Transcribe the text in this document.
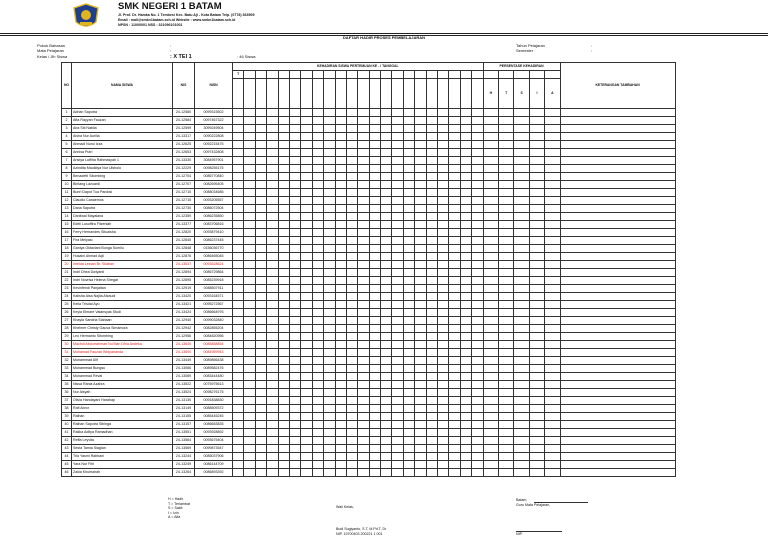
SMK NEGERI 1 BATAM
Jl. Prof. Dr. Hamka No. 1 Tembesi Kec. Batu Aji - Kota Batam Telp. (0778) 363909
Email : mail@smkn1batam.sch.id Website : www.smkn1batam.sch.id
NPSN : 11000001 NSS : 321096101001
DAFTAR HADIR PROSES PEMBELAJARAN
Pokok Bahasan
Mata Pelajaran
Kelas / Jlh Siswa
:
:
: X TEI 1	: 46 Siswa
Tahun Pelajaran
Semester
:
:
NO	NAMA SISWA	NIS	NISN	KEHADIRAN SISWA PERTEMUAN KE - / TANGGAL																						PERSENTASE KEHADIRAN					KETERANGAN TAMBAHAN
				T																											
																										H	T	S	I	A	
1	Adrian Saputra	24-12580	0099315502																												
2	Afta Rayyan Fauzan	24-12584	0097467322																												
3	Aira Siti Nabila	24-12599	3099249504																												
4	Aisha Nur Aurilia	24-13317	0090222808																												
5	Ahmadi Nurul Izza	24-12625	0092215475																												
6	Annisa Putri	24-12653	0097432808																												
7	Aristya Lutfiha Rahmasyah 1	24-13330	3084957901																												
8	Azindita Maulidya Nur Ulsholo	24-12229	0098255175																												
9	Benadetti Sitombing	24-12704	0086770840																												
10	Bintang Lazuardi	24-12707	0082695405																												
11	Bunri Dapot Tua Pardosi	24-12710	0088034685																												
12	Claudio Canaemos	24-12715	0093205557																												
13	Dana Saputra	24-12730	0086072504																												
14	Danilwal Mayalana	24-12359	0086235850																												
15	Edeli Lusuffira Fitzeniah	24-13377	0083706816																												
16	Ferry Hernandes Situaisha	24-12820	0093879410																												
17	Fira Melyasi	24-12845	0086237445																												
18	Ganiya Oktaviani Bunga Sumilu	24-12848	0156036770																												
19	Husaini Ahmad Aqil	24-12876	0086465045																												
20	Imelda Lestari Br. Silaban	24-13637	0093528624																												
21	Indri Dhea Dwiyanti	24-12894	0086729864																												
22	Indri Novrisa Helena Siregar	24-12895	0085239918																												
23	Kevinfendi Panjaitan	24-12919	0088507911																												
24	Kalisha Aisa Najila Afzaudi	24-13420	0093164571																												
25	Keila Trisdal Ayu	24-13421	0095272567																												
26	Keyla Elmare Valansyas Studi	24-13424	0086664976																												
27	Khayla Sandria Siahaan	24-12940	0099032840																												
28	Khelmer Christy Gauva Simamora	24-12942	0082855204																												
29	Leo Hermanto Sitombing	24-12956	0084820956																												
30	Machdi Abdurrahman Nu'Man Dhia Andeka	24-13640	0085858854																												
31	Muhamad Fauzan Widyananda	24-13600	0084959943																												
32	Muhammad Alif	24-13449	0089856438																												
33	Muhammad Bungsu	24-13066	0089582476																												
34	Muhammad Reval	24-13089	0083444480																												
35	Nissa Rania Azahra	24-13522	0075975613																												
36	Nur Aisyah	24-13524	0098276175																												
37	Olivia Handayani Harahap	24-13130	0091838830																												
38	Rafi Abror	24-13149	0088509372																												
39	Raihan	24-13155	0085445245																												
40	Raihan Saputra Sibinga	24-13157	0086653835																												
41	Rakka Aditya Ramadhan	24-13551	0093928892																												
42	Reffa Leyvita	24-13564	0093675404																												
43	Sesta Tamia Siagian	24-13569	0099873547																												
44	Tria Yasmi Rabbani	24-13244	0085037906																												
45	Yara Nur Fitri	24-13249	0086144709																												
46	Zakia Khumairah	24-13264	0086893392																												
H = Hadir
T = Terlambat
S = Sakit
I = Izin
A = Alfa
Wali Kelas,
Budi Sugiyanto, S.T, M.Pd.T, Dr
NIP. 19700403 200221 1 001
Batam,
Guru Mata Pelajaran,
NIP.
